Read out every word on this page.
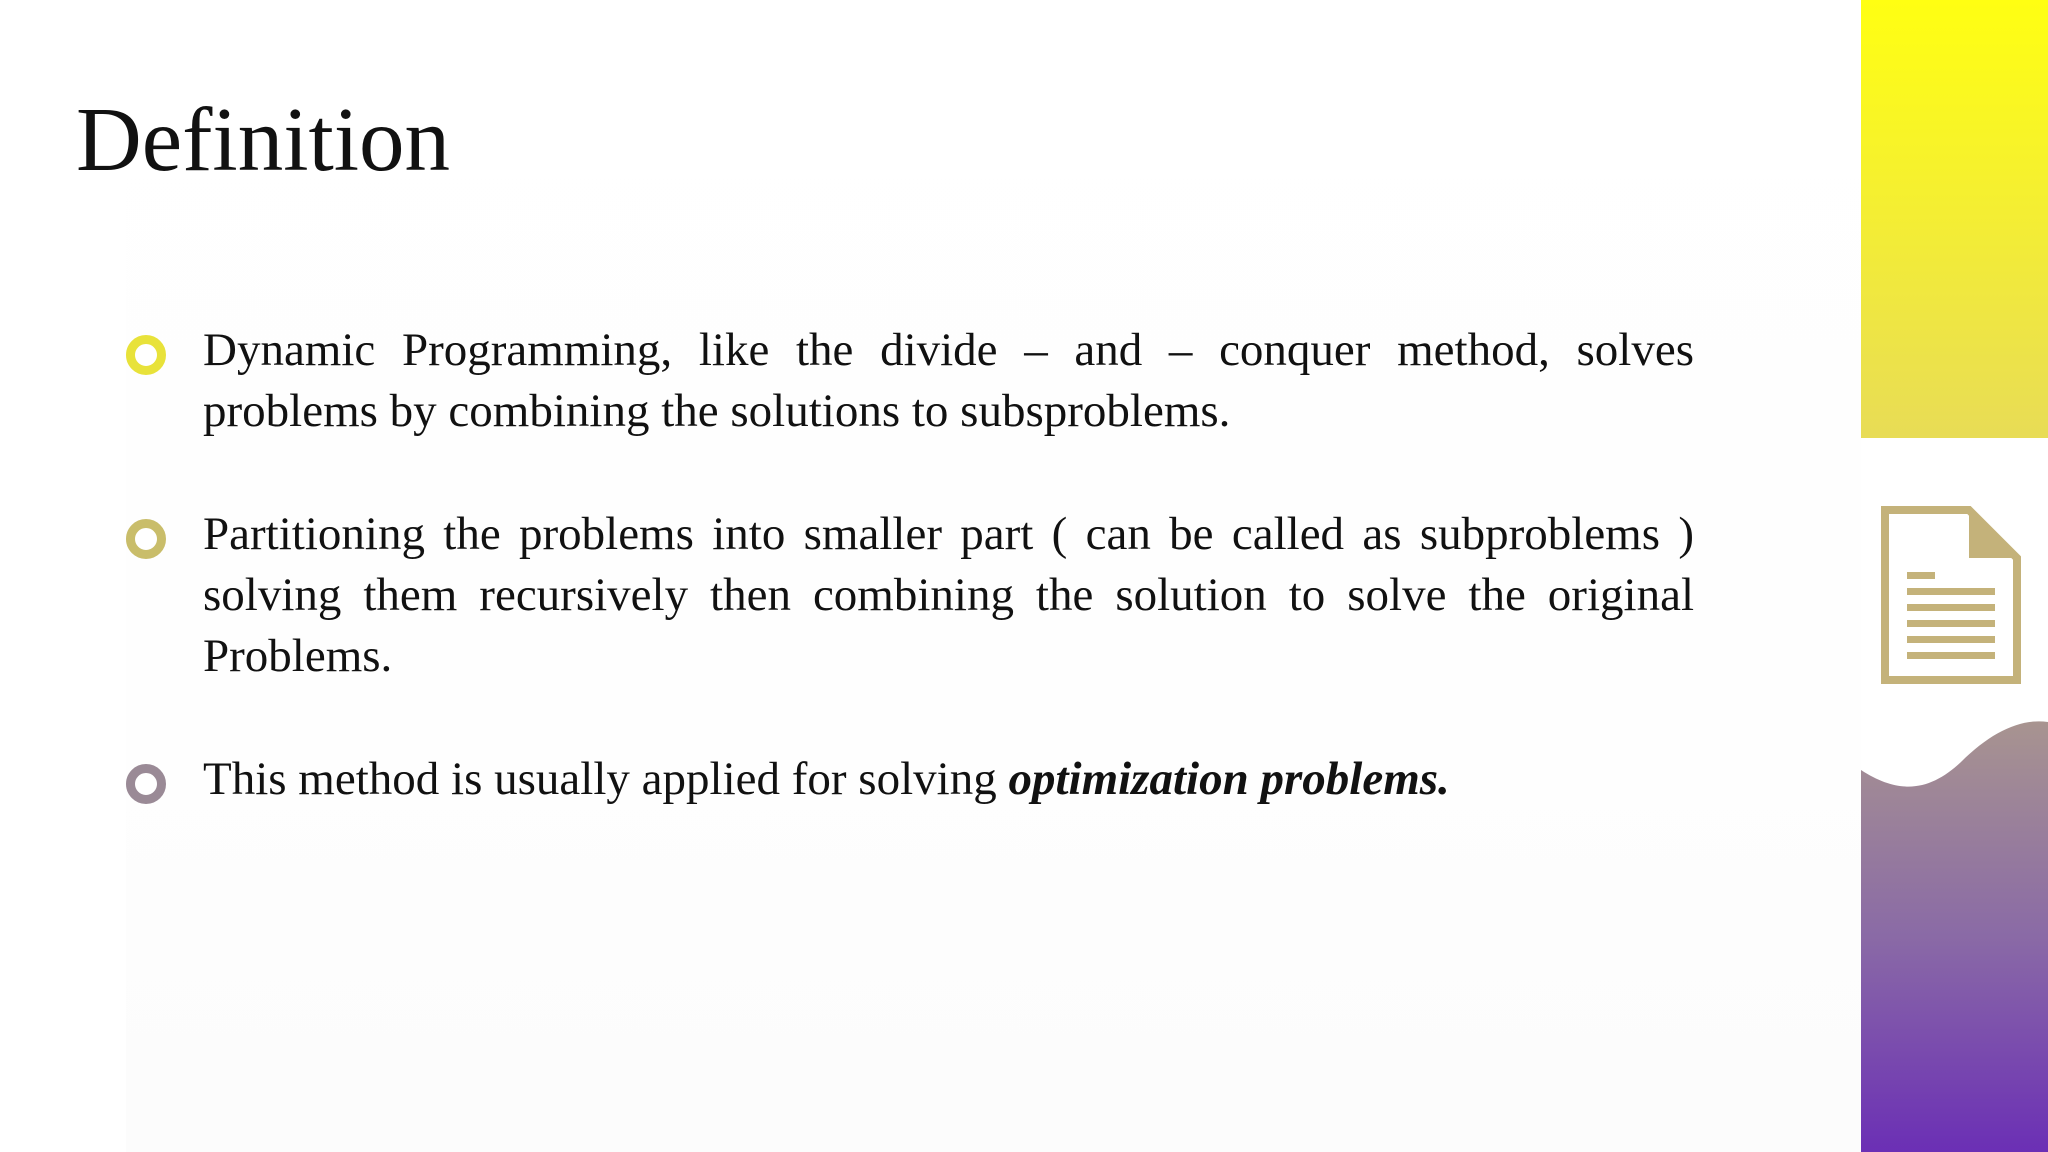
Definition
Dynamic Programming, like the divide – and – conquer method, solves problems by combining the solutions to subsproblems.
Partitioning the problems into smaller part ( can be called as subproblems ) solving them recursively then combining the solution to solve the original Problems.
This method is usually applied for solving optimization problems.
